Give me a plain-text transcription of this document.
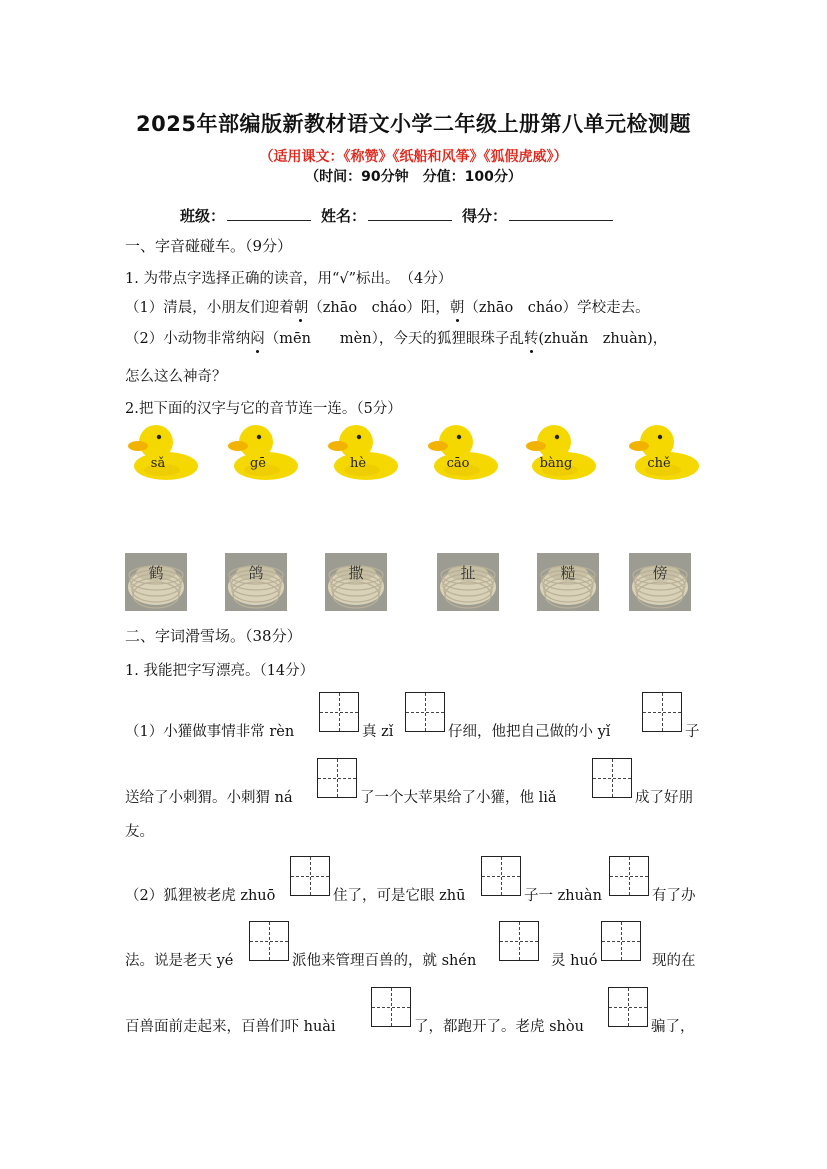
2025年部编版新教材语文小学二年级上册第八单元检测题
（适用课文：《称赞》《纸船和风筝》《狐假虎威》）
（时间：90分钟　分值：100分）
班级：	姓名：	得分：
一、字音碰碰车。（9分）
1. 为带点字选择正确的读音，用“√”标出。　（4分）
（1）清晨，小朋友们迎着朝（zhāo　cháo）阳，朝（zhāo　cháo）学校走去。
（2）小动物非常纳闷（mēn　　mèn），今天的狐狸眼珠子乱转(zhuǎn　zhuàn)，
怎么这么神奇？
2.把下面的汉字与它的音节连一连。（5分）
sǎ	gē	hè	cāo	bàng	chě
鹤	鸽	撒	扯	糙	傍
二、字词滑雪场。（38分）
1. 我能把字写漂亮。（14分）
（1）小獾做事情非常 rèn	真 zǐ	仔细，他把自己做的小 yǐ	子
送给了小刺猬。小刺猬 ná	了一个大苹果给了小獾，他 liǎ	成了好朋
友。
（2）狐狸被老虎 zhuō	住了，可是它眼 zhū	子一 zhuàn	有了办
法。说是老天 yé	派他来管理百兽的，就 shén	灵 huó	现的在
百兽面前走起来，百兽们吓 huài	了，都跑开了。老虎 shòu	骗了，
